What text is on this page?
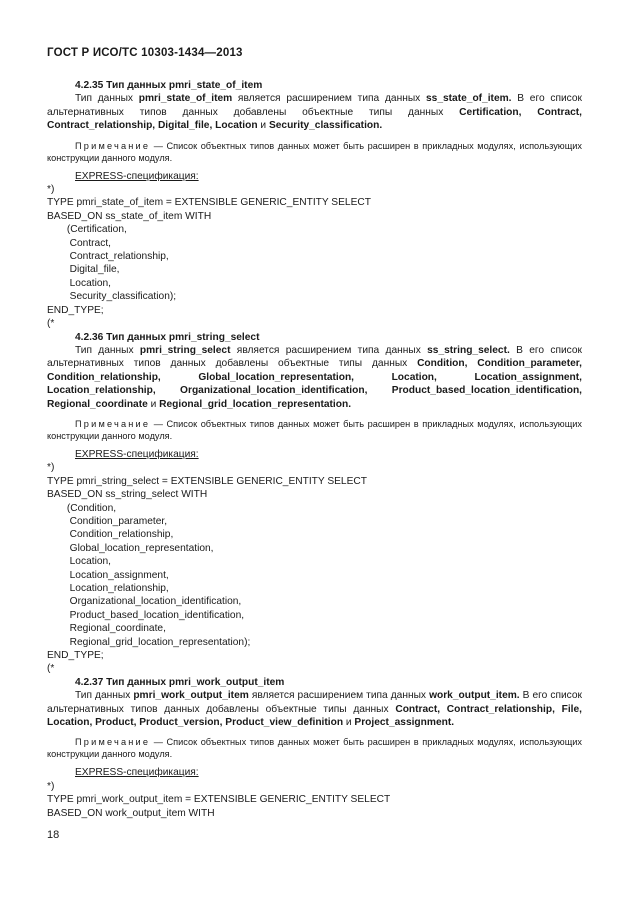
ГОСТ Р ИСО/ТС 10303-1434—2013
4.2.35 Тип данных pmri_state_of_item
Тип данных pmri_state_of_item является расширением типа данных ss_state_of_item. В его список альтернативных типов данных добавлены объектные типы данных Certification, Contract, Contract_relationship, Digital_file, Location и Security_classification.
Примечание — Список объектных типов данных может быть расширен в прикладных модулях, использующих конструкции данного модуля.
EXPRESS-спецификация:
*)
TYPE pmri_state_of_item = EXTENSIBLE GENERIC_ENTITY SELECT
BASED_ON ss_state_of_item WITH
(Certification,
Contract,
Contract_relationship,
Digital_file,
Location,
Security_classification);
END_TYPE;
(*
4.2.36 Тип данных pmri_string_select
Тип данных pmri_string_select является расширением типа данных ss_string_select. В его список альтернативных типов данных добавлены объектные типы данных Condition, Condition_parameter, Condition_relationship, Global_location_representation, Location, Location_assignment, Location_relationship, Organizational_location_identification, Product_based_location_identification, Regional_coordinate и Regional_grid_location_representation.
Примечание — Список объектных типов данных может быть расширен в прикладных модулях, использующих конструкции данного модуля.
EXPRESS-спецификация:
*)
TYPE pmri_string_select = EXTENSIBLE GENERIC_ENTITY SELECT
BASED_ON ss_string_select WITH
(Condition,
Condition_parameter,
Condition_relationship,
Global_location_representation,
Location,
Location_assignment,
Location_relationship,
Organizational_location_identification,
Product_based_location_identification,
Regional_coordinate,
Regional_grid_location_representation);
END_TYPE;
(*
4.2.37 Тип данных pmri_work_output_item
Тип данных pmri_work_output_item является расширением типа данных work_output_item. В его список альтернативных типов данных добавлены объектные типы данных Contract, Contract_relationship, File, Location, Product, Product_version, Product_view_definition и Project_assignment.
Примечание — Список объектных типов данных может быть расширен в прикладных модулях, использующих конструкции данного модуля.
EXPRESS-спецификация:
*)
TYPE pmri_work_output_item = EXTENSIBLE GENERIC_ENTITY SELECT
BASED_ON work_output_item WITH
18
